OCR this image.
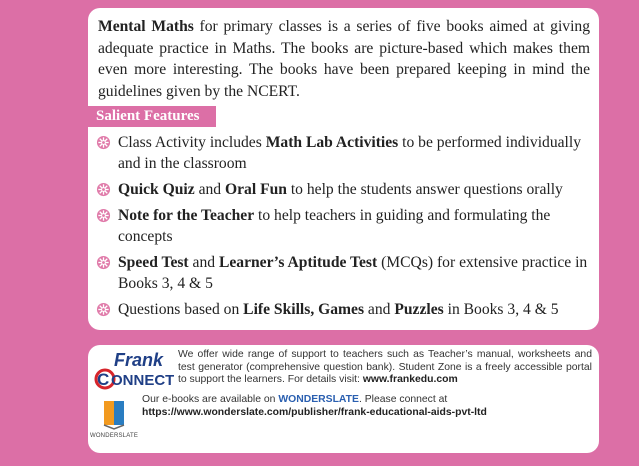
Mental Maths for primary classes is a series of five books aimed at giving adequate practice in Maths. The books are picture-based which makes them even more interesting. The books have been prepared keeping in mind the guidelines given by the NCERT.

Salient Features
Class Activity includes Math Lab Activities to be performed individually and in the classroom
Quick Quiz and Oral Fun to help the students answer questions orally
Note for the Teacher to help teachers in guiding and formulating the concepts
Speed Test and Learner’s Aptitude Test (MCQs) for extensive practice in Books 3, 4 & 5
Questions based on Life Skills, Games and Puzzles in Books 3, 4 & 5
Frank
C ONNECT

We offer wide range of support to teachers such as Teacher’s manual, worksheets and test generator (comprehensive question bank). Student Zone is a freely accessible portal to support the learners. For details visit: www.frankedu.com

WONDERSLATE

Our e-books are available on WONDERSLATE. Please connect at
https://www.wonderslate.com/publisher/frank-educational-aids-pvt-ltd
